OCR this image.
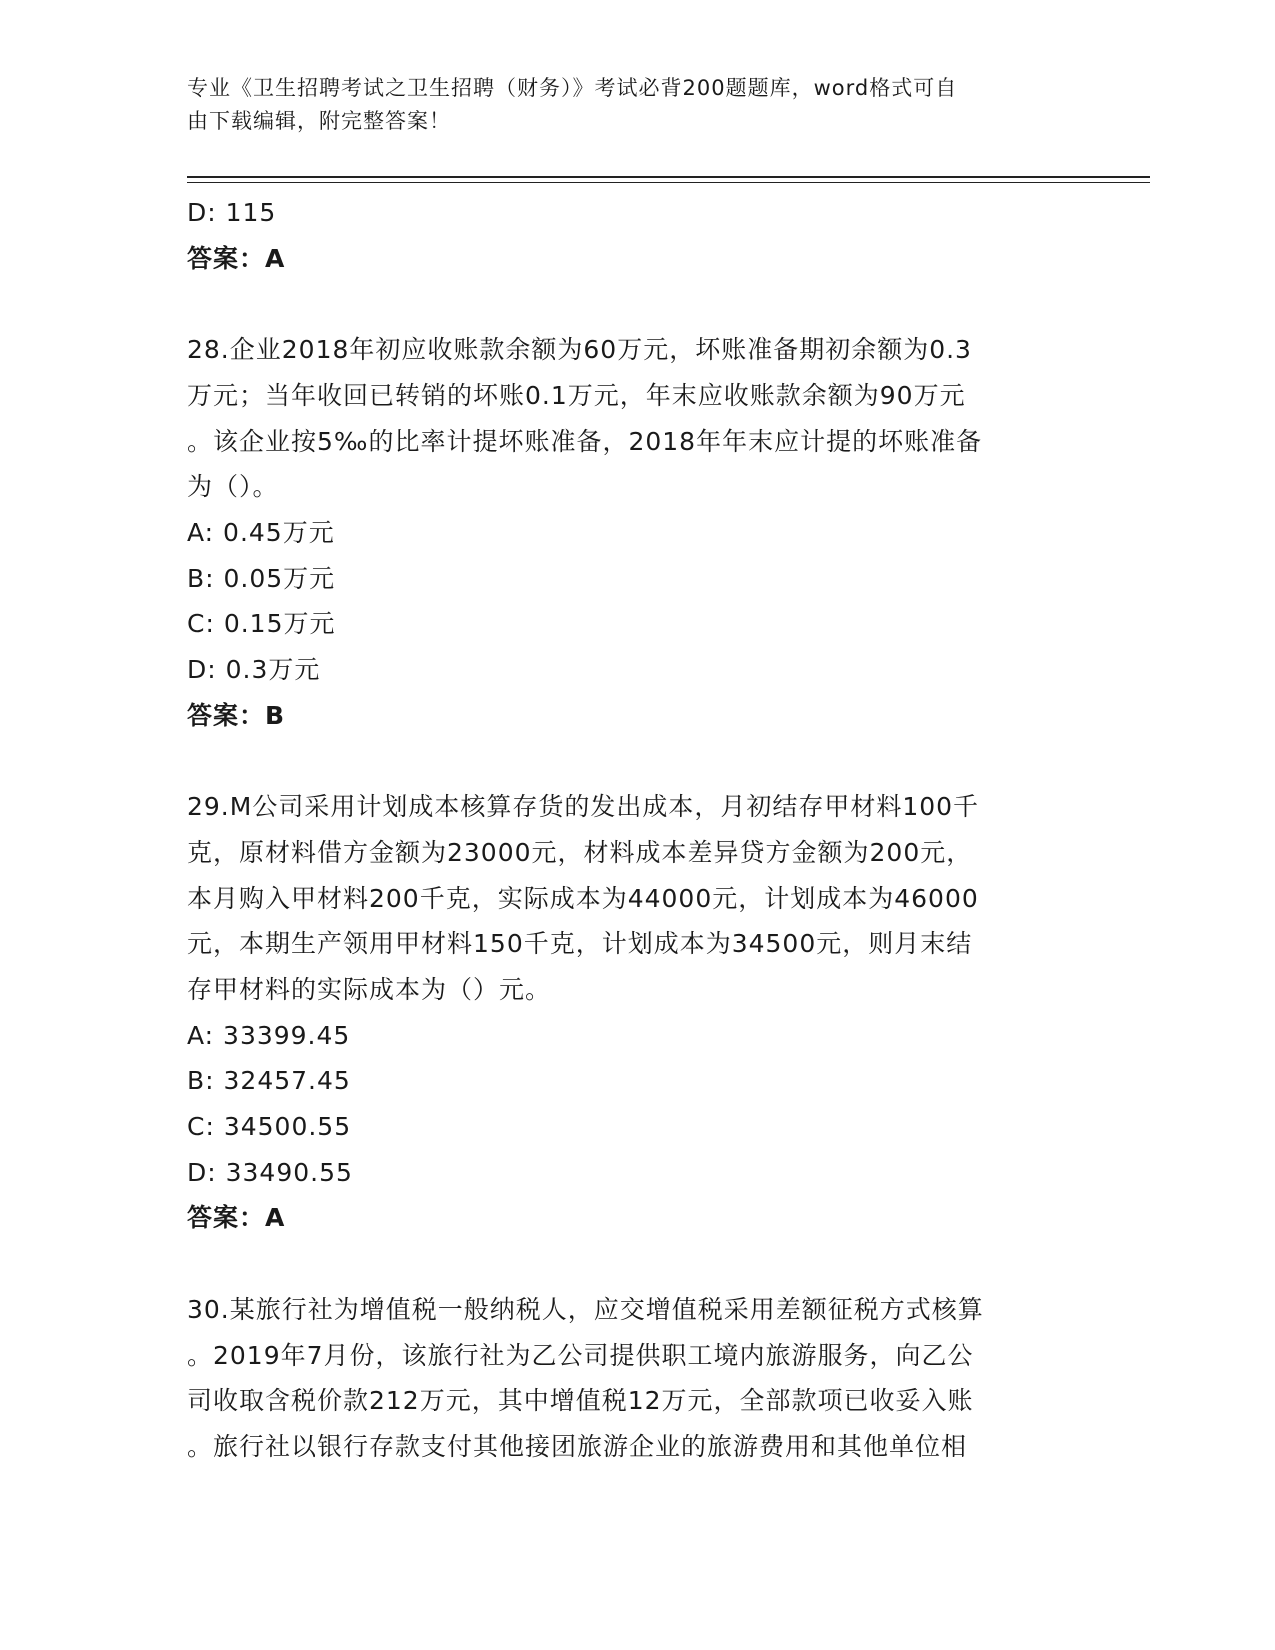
专业《卫生招聘考试之卫生招聘（财务）》考试必背200题题库，word格式可自
由下载编辑，附完整答案！
D: 115
答案：A
28.企业2018年初应收账款余额为60万元，坏账准备期初余额为0.3
万元；当年收回已转销的坏账0.1万元，年末应收账款余额为90万元
。该企业按5‰的比率计提坏账准备，2018年年末应计提的坏账准备
为（）。
A: 0.45万元
B: 0.05万元
C: 0.15万元
D: 0.3万元
答案：B
29.M公司采用计划成本核算存货的发出成本，月初结存甲材料100千
克，原材料借方金额为23000元，材料成本差异贷方金额为200元，
本月购入甲材料200千克，实际成本为44000元，计划成本为46000
元，本期生产领用甲材料150千克，计划成本为34500元，则月末结
存甲材料的实际成本为（）元。
A: 33399.45
B: 32457.45
C: 34500.55
D: 33490.55
答案：A
30.某旅行社为增值税一般纳税人，应交增值税采用差额征税方式核算
。2019年7月份，该旅行社为乙公司提供职工境内旅游服务，向乙公
司收取含税价款212万元，其中增值税12万元，全部款项已收妥入账
。旅行社以银行存款支付其他接团旅游企业的旅游费用和其他单位相
